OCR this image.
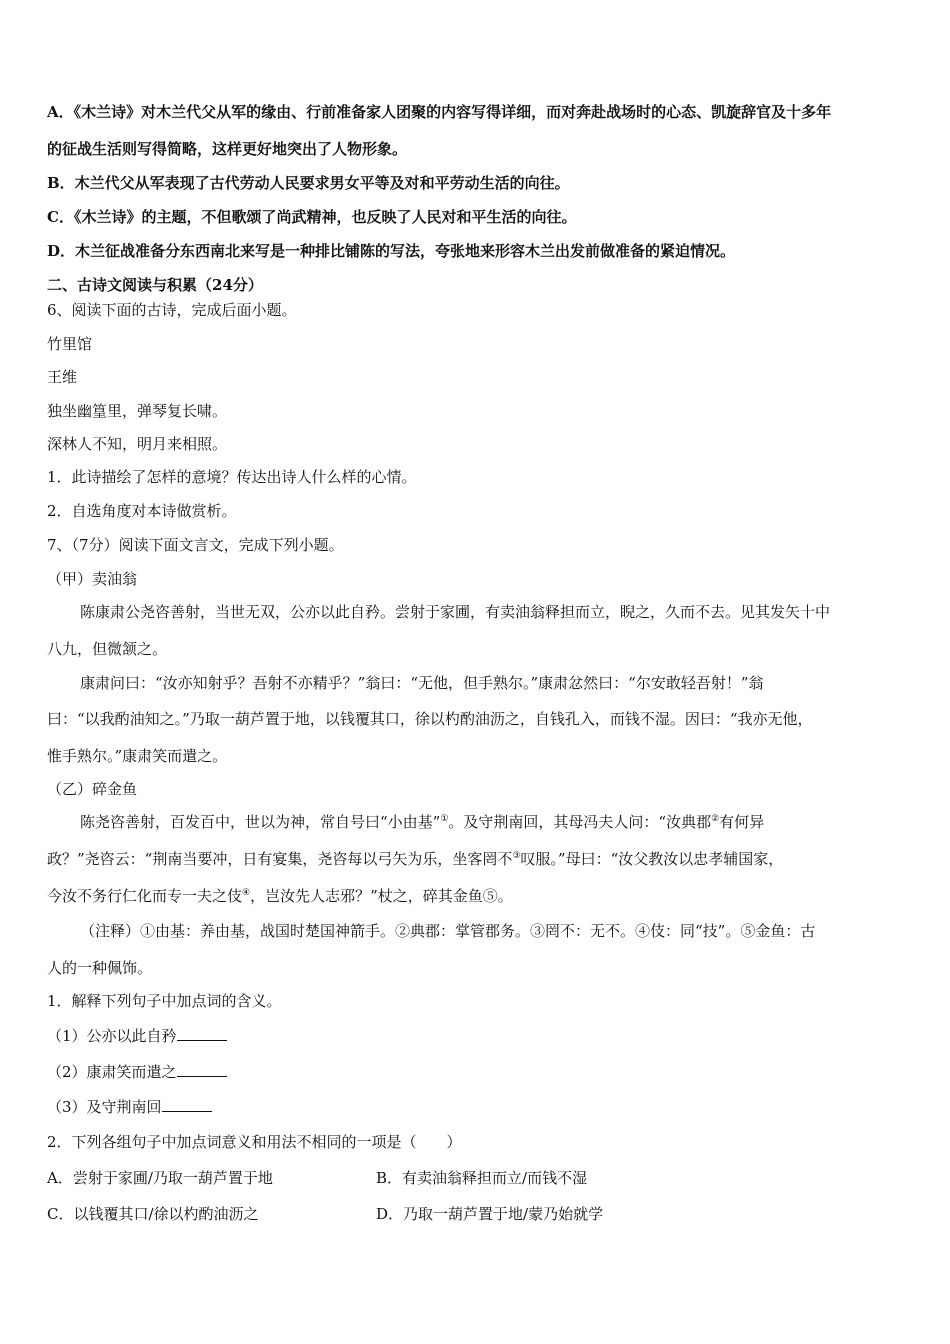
A．《木兰诗》对木兰代父从军的缘由、行前准备家人团聚的内容写得详细，而对奔赴战场时的心态、凯旋辞官及十多年
的征战生活则写得简略，这样更好地突出了人物形象。
B．木兰代父从军表现了古代劳动人民要求男女平等及对和平劳动生活的向往。
C．《木兰诗》的主题，不但歌颂了尚武精神，也反映了人民对和平生活的向往。
D．木兰征战准备分东西南北来写是一种排比铺陈的写法，夸张地来形容木兰出发前做准备的紧迫情况。
二、古诗文阅读与积累（24分）
6、阅读下面的古诗，完成后面小题。
竹里馆
王维
独坐幽篁里，弹琴复长啸。
深林人不知，明月来相照。
1．此诗描绘了怎样的意境？传达出诗人什么样的心情。
2．自选角度对本诗做赏析。
7、（7分）阅读下面文言文，完成下列小题。
（甲）卖油翁
陈康肃公尧咨善射，当世无双，公亦以此自矜。尝射于家圃，有卖油翁释担而立，睨之，久而不去。见其发矢十中
八九，但微颔之。
康肃问曰：“汝亦知射乎？吾射不亦精乎？”翁曰：“无他，但手熟尔。”康肃忿然曰：“尔安敢轻吾射！”翁
曰：“以我酌油知之。”乃取一葫芦置于地，以钱覆其口，徐以杓酌油沥之，自钱孔入，而钱不湿。因曰：“我亦无他，
惟手熟尔。”康肃笑而遣之。
（乙）碎金鱼
陈尧咨善射，百发百中，世以为神，常自号曰“小由基”①。及守荆南回，其母冯夫人问：“汝典郡②有何异
政？”尧咨云：“荆南当要冲，日有宴集，尧咨每以弓矢为乐，坐客罔不③叹服。”母曰：“汝父教汝以忠孝辅国家，
今汝不务行仁化而专一夫之伎④，岂汝先人志邪？”杖之，碎其金鱼⑤。
（注释）①由基：养由基，战国时楚国神箭手。②典郡：掌管郡务。③罔不：无不。④伎：同“技”。⑤金鱼：古
人的一种佩饰。
1．解释下列句子中加点词的含义。
（1）公亦以此自矜
（2）康肃笑而遣之
（3）及守荆南回
2．下列各组句子中加点词意义和用法不相同的一项是（　　）
A．尝射于家圃/乃取一葫芦置于地	B．有卖油翁释担而立/而钱不湿
C．以钱覆其口/徐以杓酌油沥之	D．乃取一葫芦置于地/蒙乃始就学
